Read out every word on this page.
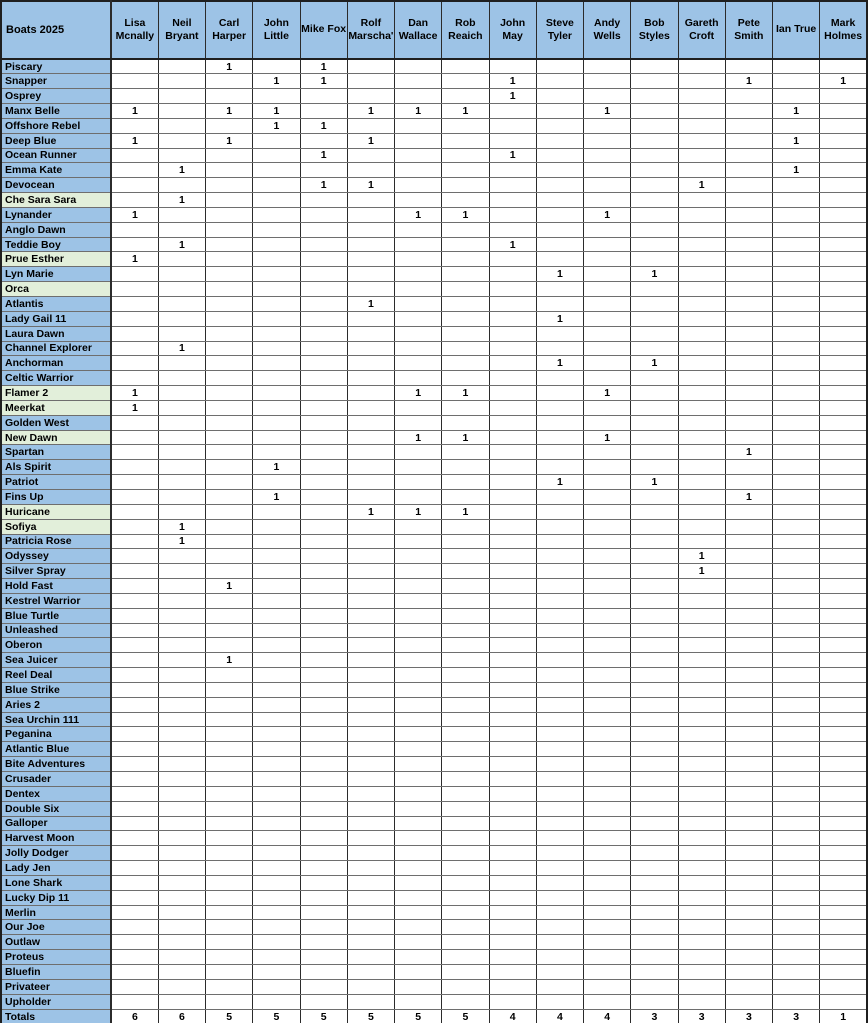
Boats 2025	Lisa Mcnally	Neil Bryant	Carl Harper	John Little	Mike Fox	Rolf Marscha'	Dan Wallace	Rob Reaich	John May	Steve Tyler	Andy Wells	Bob Styles	Gareth Croft	Pete Smith	Ian True	Mark Holmes
Piscary			1		1											
Snapper				1	1				1					1		1
Osprey									1							
Manx Belle	1		1	1		1	1	1			1				1	
Offshore Rebel				1	1											
Deep Blue	1		1			1									1	
Ocean Runner					1				1							
Emma Kate		1													1	
Devocean					1	1							1			
Che Sara Sara		1														
Lynander	1						1	1			1					
Anglo Dawn																
Teddie Boy		1							1							
Prue Esther	1															
Lyn Marie										1		1				
Orca																
Atlantis						1										
Lady Gail 11										1						
Laura Dawn																
Channel Explorer		1														
Anchorman										1		1				
Celtic Warrior																
Flamer 2	1						1	1			1					
Meerkat	1															
Golden West																
New Dawn							1	1			1					
Spartan														1		
Als Spirit				1												
Patriot										1		1				
Fins Up				1										1		
Huricane						1	1	1								
Sofiya		1														
Patricia Rose		1														
Odyssey													1			
Silver Spray													1			
Hold Fast			1													
Kestrel Warrior																
Blue Turtle																
Unleashed																
Oberon																
Sea Juicer			1													
Reel Deal																
Blue Strike																
Aries 2																
Sea Urchin 111																
Peganina																
Atlantic Blue																
Bite Adventures																
Crusader																
Dentex																
Double Six																
Galloper																
Harvest Moon																
Jolly Dodger																
Lady Jen																
Lone Shark																
Lucky Dip 11																
Merlin																
Our Joe																
Outlaw																
Proteus																
Bluefin																
Privateer																
Upholder																
Totals	6	6	5	5	5	5	5	5	4	4	4	3	3	3	3	1
